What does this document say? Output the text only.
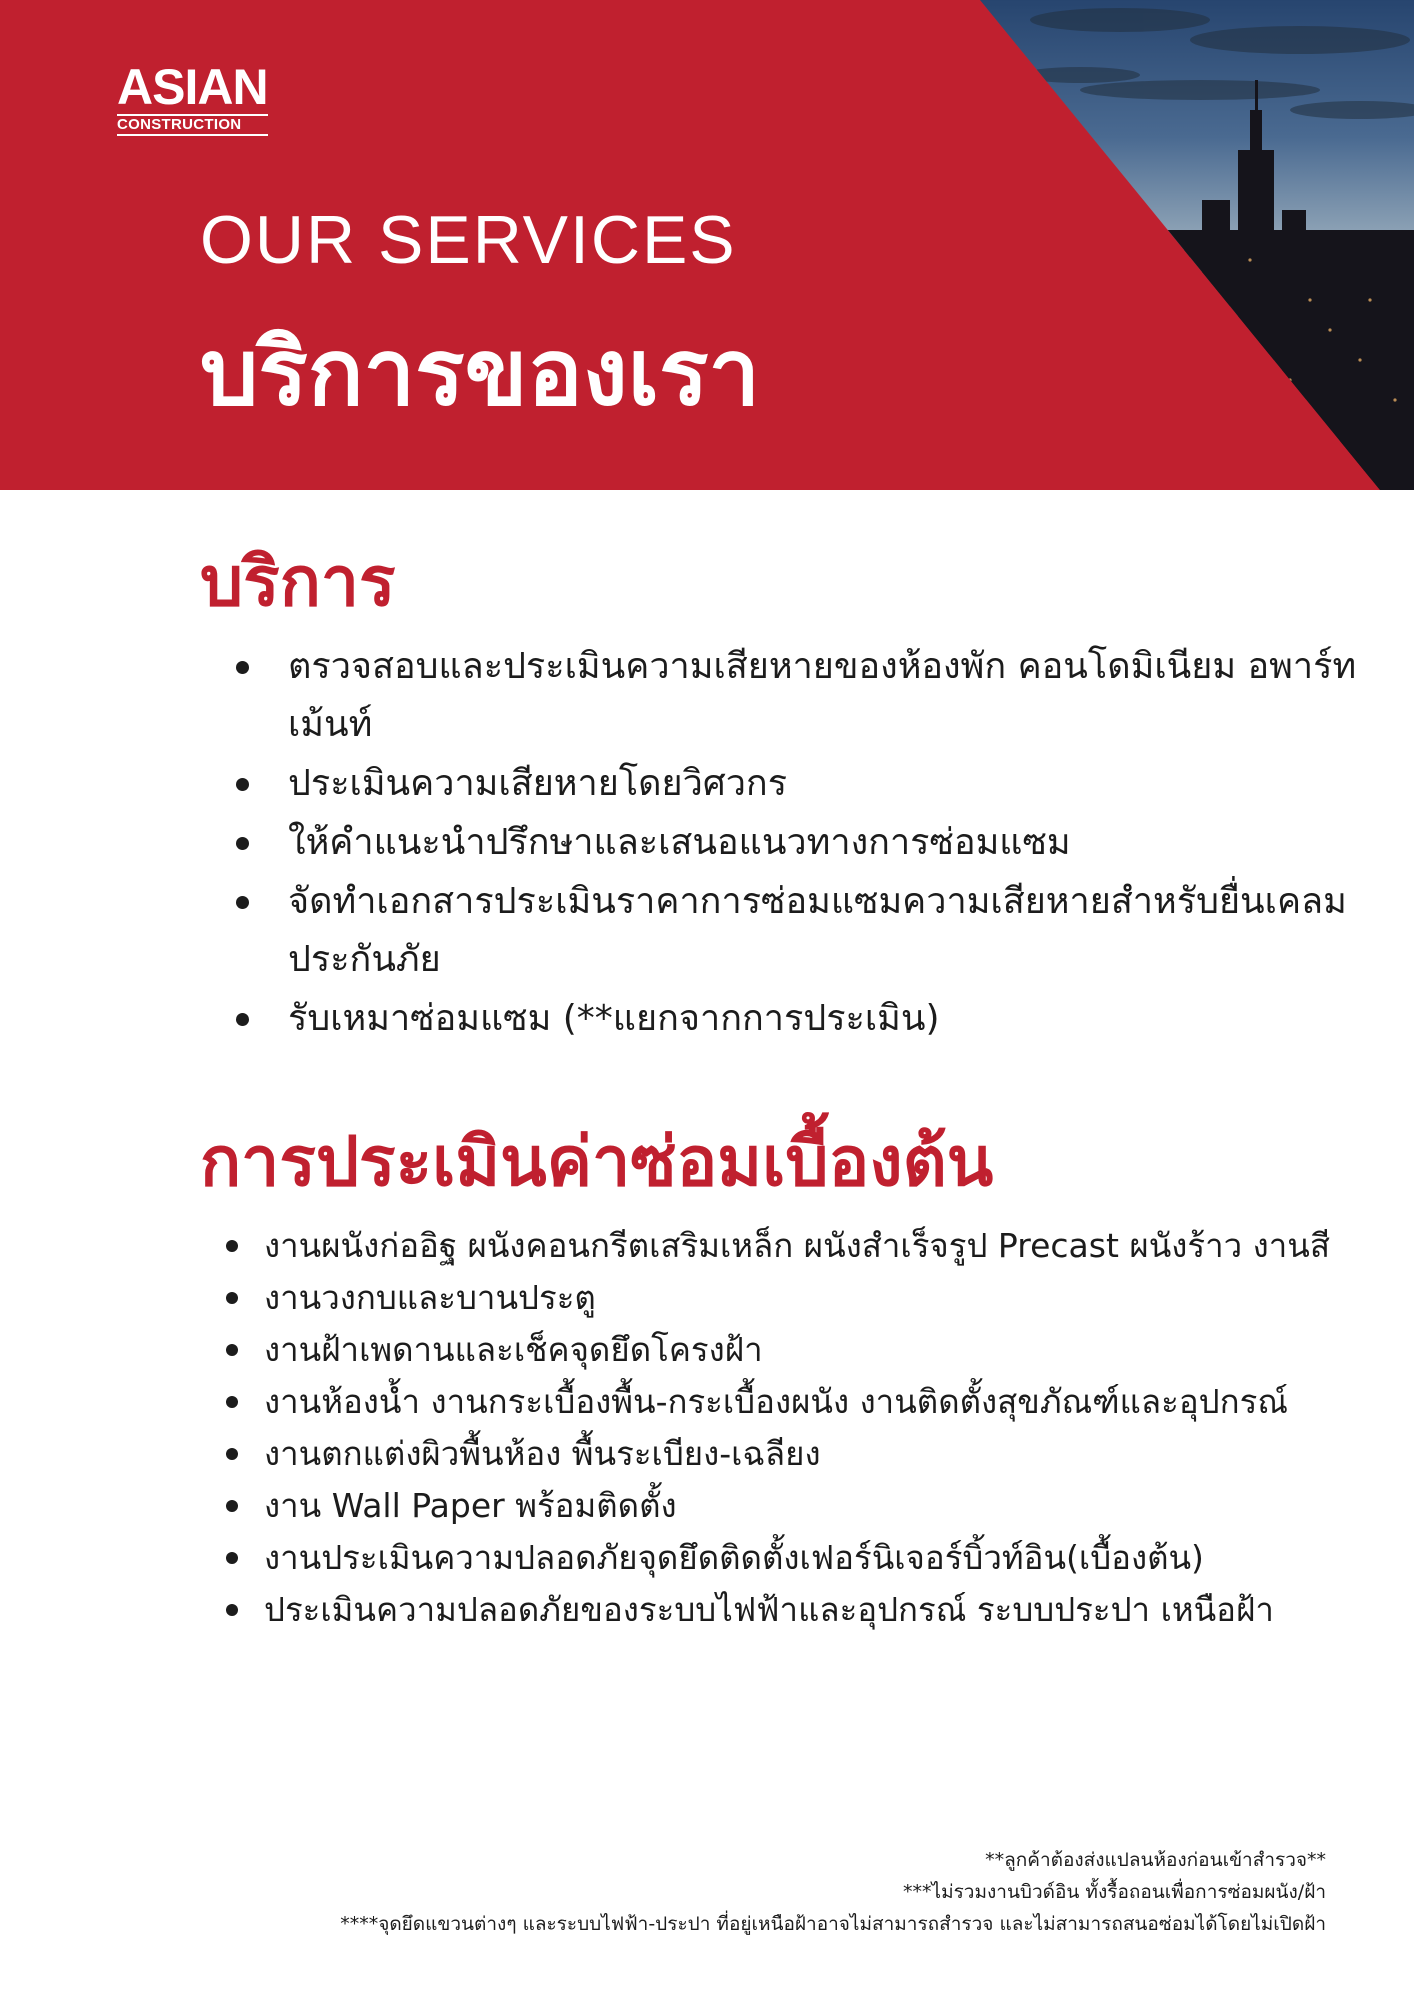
ASIAN
CONSTRUCTION
OUR SERVICES
บริการของเรา
บริการ
ตรวจสอบและประเมินความเสียหายของห้องพัก คอนโดมิเนียม อพาร์ทเม้นท์
ประเมินความเสียหายโดยวิศวกร
ให้คำแนะนำปรึกษาและเสนอแนวทางการซ่อมแซม
จัดทำเอกสารประเมินราคาการซ่อมแซมความเสียหายสำหรับยื่นเคลมประกันภัย
รับเหมาซ่อมแซม (**แยกจากการประเมิน)
การประเมินค่าซ่อมเบื้องต้น
งานผนังก่ออิฐ ผนังคอนกรีตเสริมเหล็ก ผนังสำเร็จรูป Precast ผนังร้าว งานสี
งานวงกบและบานประตู
งานฝ้าเพดานและเช็คจุดยึดโครงฝ้า
งานห้องน้ำ งานกระเบื้องพื้น-กระเบื้องผนัง งานติดตั้งสุขภัณฑ์และอุปกรณ์
งานตกแต่งผิวพื้นห้อง พื้นระเบียง-เฉลียง
งาน Wall Paper พร้อมติดตั้ง
งานประเมินความปลอดภัยจุดยึดติดตั้งเฟอร์นิเจอร์บิ้วท์อิน(เบื้องต้น)
ประเมินความปลอดภัยของระบบไฟฟ้าและอุปกรณ์ ระบบประปา เหนือฝ้า
**ลูกค้าต้องส่งแปลนห้องก่อนเข้าสำรวจ**
***ไม่รวมงานบิวด์อิน ทั้งรื้อถอนเพื่อการซ่อมผนัง/ฝ้า
****จุดยึดแขวนต่างๆ และระบบไฟฟ้า-ประปา ที่อยู่เหนือฝ้าอาจไม่สามารถสำรวจ และไม่สามารถสนอซ่อมได้โดยไม่เปิดฝ้า
